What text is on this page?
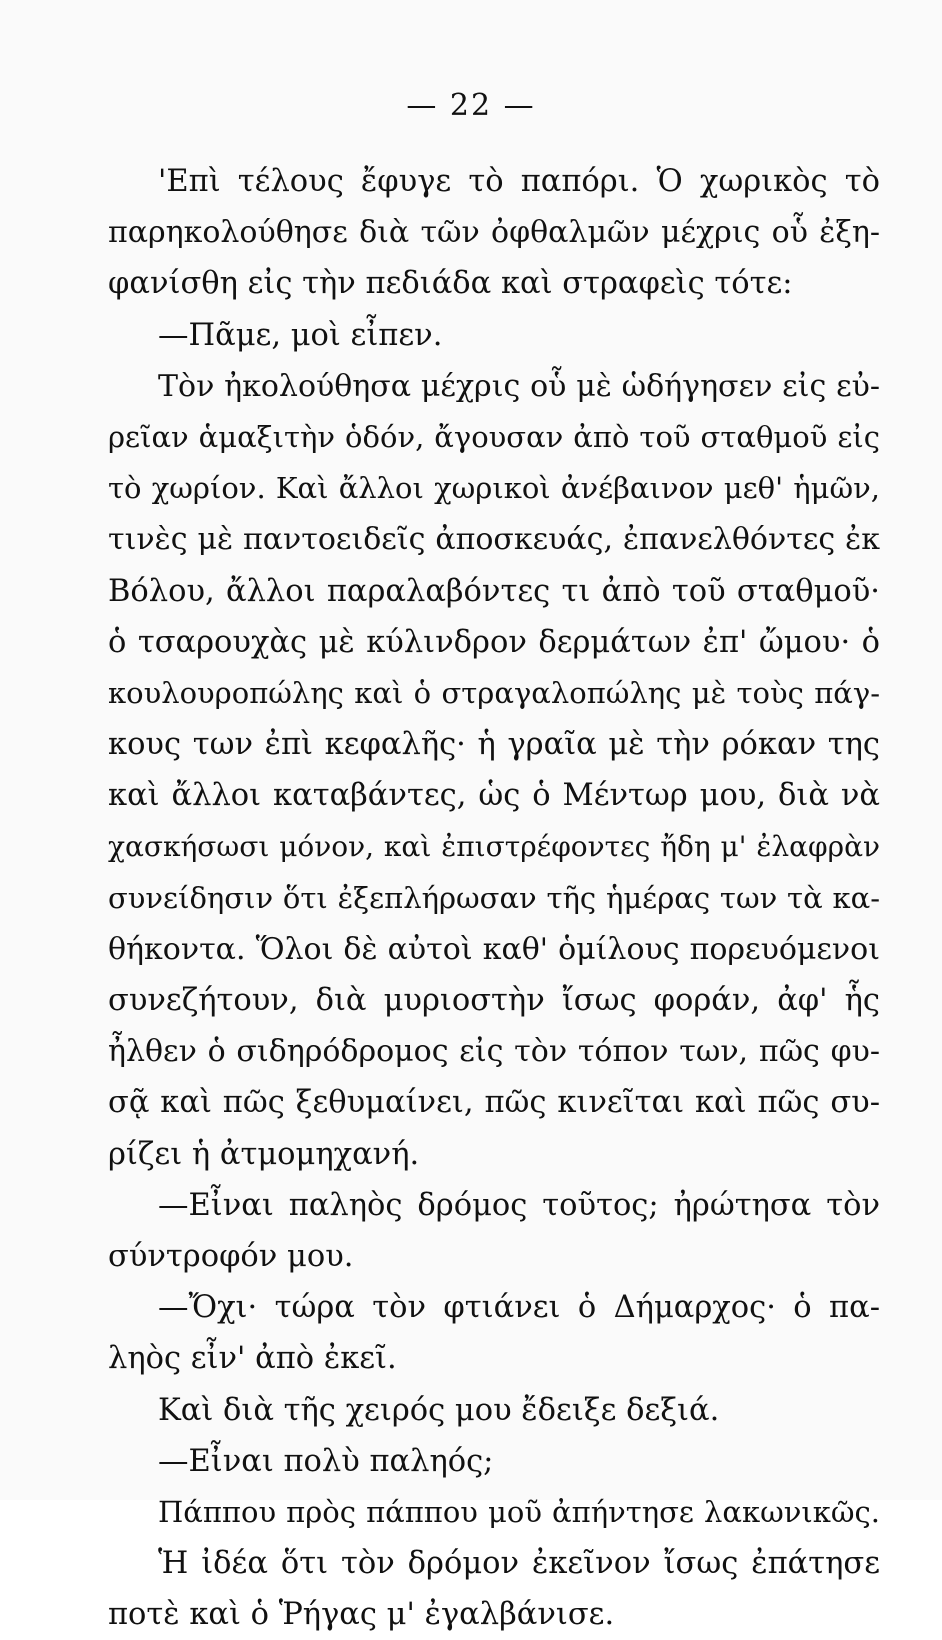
— 22 —
'Επὶ τέλους ἔφυγε τὸ παπόρι. Ὁ χωρικὸς τὸ
παρηκολούθησε διὰ τῶν ὀφθαλμῶν μέχρις οὗ ἐξη-
φανίσθη εἰς τὴν πεδιάδα καὶ στραφεὶς τότε:
—Πᾶμε, μοὶ εἶπεν.
Τὸν ἠκολούθησα μέχρις οὗ μὲ ὡδήγησεν εἰς εὐ-
ρεῖαν ἁμαξιτὴν ὁδόν, ἄγουσαν ἀπὸ τοῦ σταθμοῦ εἰς
τὸ χωρίον. Καὶ ἄλλοι χωρικοὶ ἀνέβαινον μεθ' ἡμῶν,
τινὲς μὲ παντοειδεῖς ἀποσκευάς, ἐπανελθόντες ἐκ
Βόλου, ἄλλοι παραλαβόντες τι ἀπὸ τοῦ σταθμοῦ·
ὁ τσαρουχὰς μὲ κύλινδρον δερμάτων ἐπ' ὤμου· ὁ
κουλουροπώλης καὶ ὁ στραγαλοπώλης μὲ τοὺς πάγ-
κους των ἐπὶ κεφαλῆς· ἡ γραῖα μὲ τὴν ρόκαν της
καὶ ἄλλοι καταβάντες, ὡς ὁ Μέντωρ μου, διὰ νὰ
χασκήσωσι μόνον, καὶ ἐπιστρέφοντες ἤδη μ' ἐλαφρὰν
συνείδησιν ὅτι ἐξεπλήρωσαν τῆς ἡμέρας των τὰ κα-
θήκοντα. Ὅλοι δὲ αὐτοὶ καθ' ὁμίλους πορευόμενοι
συνεζήτουν, διὰ μυριοστὴν ἴσως φοράν, ἀφ' ἧς
ἦλθεν ὁ σιδηρόδρομος εἰς τὸν τόπον των, πῶς φυ-
σᾷ καὶ πῶς ξεθυμαίνει, πῶς κινεῖται καὶ πῶς συ-
ρίζει ἡ ἀτμομηχανή.
—Εἶναι παληὸς δρόμος τοῦτος; ἠρώτησα τὸν
σύντροφόν μου.
—Ὄχι· τώρα τὸν φτιάνει ὁ Δήμαρχος· ὁ πα-
ληὸς εἶν' ἀπὸ ἐκεῖ.
Καὶ διὰ τῆς χειρός μου ἔδειξε δεξιά.
—Εἶναι πολὺ παληός;
Πάππου πρὸς πάππου μοῦ ἀπήντησε λακωνικῶς.
Ἡ ἰδέα ὅτι τὸν δρόμον ἐκεῖνον ἴσως ἐπάτησε
ποτὲ καὶ ὁ Ῥήγας μ' ἐγαλβάνισε.
